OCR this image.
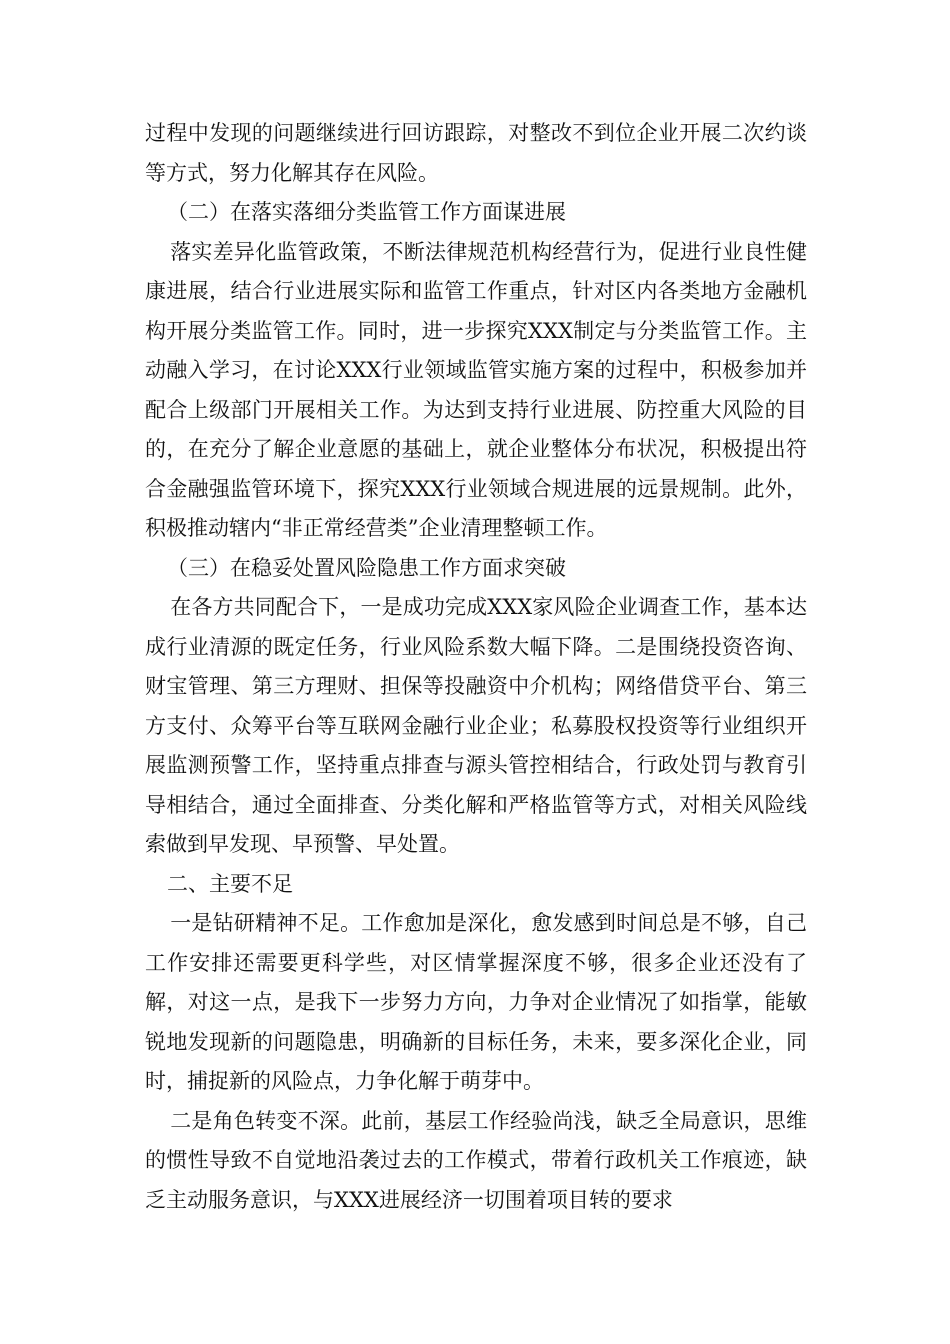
过程中发现的问题继续进行回访跟踪，对整改不到位企业开展二次约谈等方式，努力化解其存在风险。

（二）在落实落细分类监管工作方面谋进展

落实差异化监管政策，不断法律规范机构经营行为，促进行业良性健康进展，结合行业进展实际和监管工作重点，针对区内各类地方金融机构开展分类监管工作。同时，进一步探究XXX制定与分类监管工作。主动融入学习，在讨论XXX行业领域监管实施方案的过程中，积极参加并配合上级部门开展相关工作。为达到支持行业进展、防控重大风险的目的，在充分了解企业意愿的基础上，就企业整体分布状况，积极提出符合金融强监管环境下，探究XXX行业领域合规进展的远景规制。此外，积极推动辖内“非正常经营类”企业清理整顿工作。

（三）在稳妥处置风险隐患工作方面求突破

在各方共同配合下，一是成功完成XXX家风险企业调查工作，基本达成行业清源的既定任务，行业风险系数大幅下降。二是围绕投资咨询、财宝管理、第三方理财、担保等投融资中介机构；网络借贷平台、第三方支付、众筹平台等互联网金融行业企业；私募股权投资等行业组织开展监测预警工作，坚持重点排查与源头管控相结合，行政处罚与教育引导相结合，通过全面排查、分类化解和严格监管等方式，对相关风险线索做到早发现、早预警、早处置。

二、主要不足

一是钻研精神不足。工作愈加是深化，愈发感到时间总是不够，自己工作安排还需要更科学些，对区情掌握深度不够，很多企业还没有了解，对这一点，是我下一步努力方向，力争对企业情况了如指掌，能敏锐地发现新的问题隐患，明确新的目标任务，未来，要多深化企业，同时，捕捉新的风险点，力争化解于萌芽中。

二是角色转变不深。此前，基层工作经验尚浅，缺乏全局意识，思维的惯性导致不自觉地沿袭过去的工作模式，带着行政机关工作痕迹，缺乏主动服务意识，与XXX进展经济一切围着项目转的要求
